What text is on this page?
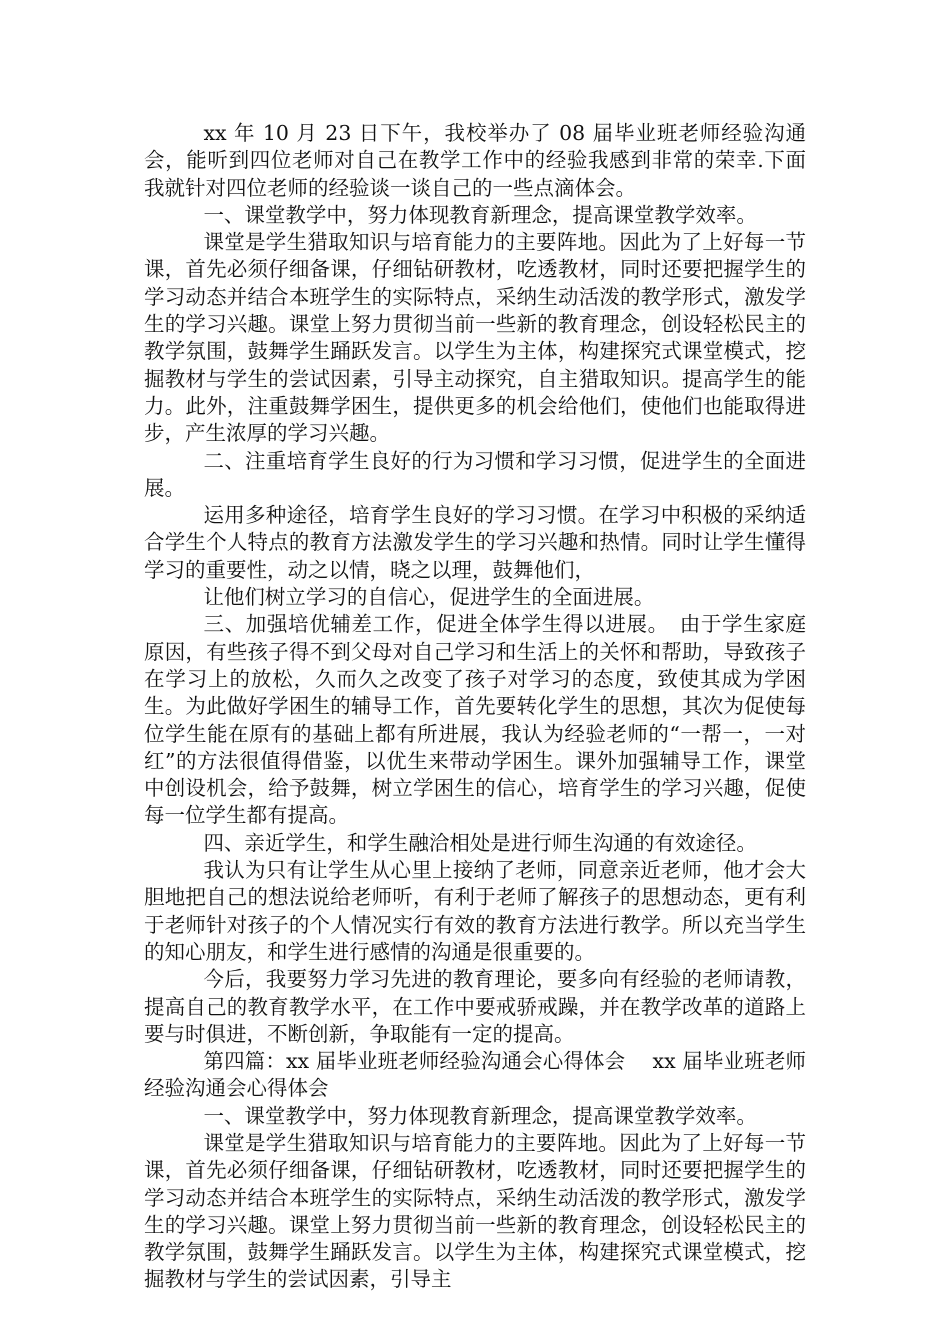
xx 年 10 月 23 日下午，我校举办了 08 届毕业班老师经验沟通会，能听到四位老师对自己在教学工作中的经验我感到非常的荣幸.下面我就针对四位老师的经验谈一谈自己的一些点滴体会。

一、课堂教学中，努力体现教育新理念，提高课堂教学效率。

课堂是学生猎取知识与培育能力的主要阵地。因此为了上好每一节课，首先必须仔细备课，仔细钻研教材，吃透教材，同时还要把握学生的学习动态并结合本班学生的实际特点，采纳生动活泼的教学形式，激发学生的学习兴趣。课堂上努力贯彻当前一些新的教育理念，创设轻松民主的教学氛围，鼓舞学生踊跃发言。以学生为主体，构建探究式课堂模式，挖掘教材与学生的尝试因素，引导主动探究，自主猎取知识。提高学生的能力。此外，注重鼓舞学困生，提供更多的机会给他们，使他们也能取得进步，产生浓厚的学习兴趣。

二、注重培育学生良好的行为习惯和学习习惯，促进学生的全面进展。

运用多种途径，培育学生良好的学习习惯。在学习中积极的采纳适合学生个人特点的教育方法激发学生的学习兴趣和热情。同时让学生懂得学习的重要性，动之以情，晓之以理，鼓舞他们，

让他们树立学习的自信心，促进学生的全面进展。

三、加强培优辅差工作，促进全体学生得以进展。　由于学生家庭原因，有些孩子得不到父母对自己学习和生活上的关怀和帮助，导致孩子在学习上的放松，久而久之改变了孩子对学习的态度，致使其成为学困生。为此做好学困生的辅导工作，首先要转化学生的思想，其次为促使每位学生能在原有的基础上都有所进展，我认为经验老师的“一帮一，一对红”的方法很值得借鉴，以优生来带动学困生。课外加强辅导工作，课堂中创设机会，给予鼓舞，树立学困生的信心，培育学生的学习兴趣，促使每一位学生都有提高。

四、亲近学生，和学生融洽相处是进行师生沟通的有效途径。

我认为只有让学生从心里上接纳了老师，同意亲近老师，他才会大胆地把自己的想法说给老师听，有利于老师了解孩子的思想动态，更有利于老师针对孩子的个人情况实行有效的教育方法进行教学。所以充当学生的知心朋友，和学生进行感情的沟通是很重要的。

今后，我要努力学习先进的教育理论，要多向有经验的老师请教，提高自己的教育教学水平，在工作中要戒骄戒躁，并在教学改革的道路上要与时俱进，不断创新，争取能有一定的提高。

第四篇：xx 届毕业班老师经验沟通会心得体会　 xx 届毕业班老师经验沟通会心得体会

一、课堂教学中，努力体现教育新理念，提高课堂教学效率。

课堂是学生猎取知识与培育能力的主要阵地。因此为了上好每一节课，首先必须仔细备课，仔细钻研教材，吃透教材，同时还要把握学生的学习动态并结合本班学生的实际特点，采纳生动活泼的教学形式，激发学生的学习兴趣。课堂上努力贯彻当前一些新的教育理念，创设轻松民主的教学氛围，鼓舞学生踊跃发言。以学生为主体，构建探究式课堂模式，挖掘教材与学生的尝试因素，引导主
